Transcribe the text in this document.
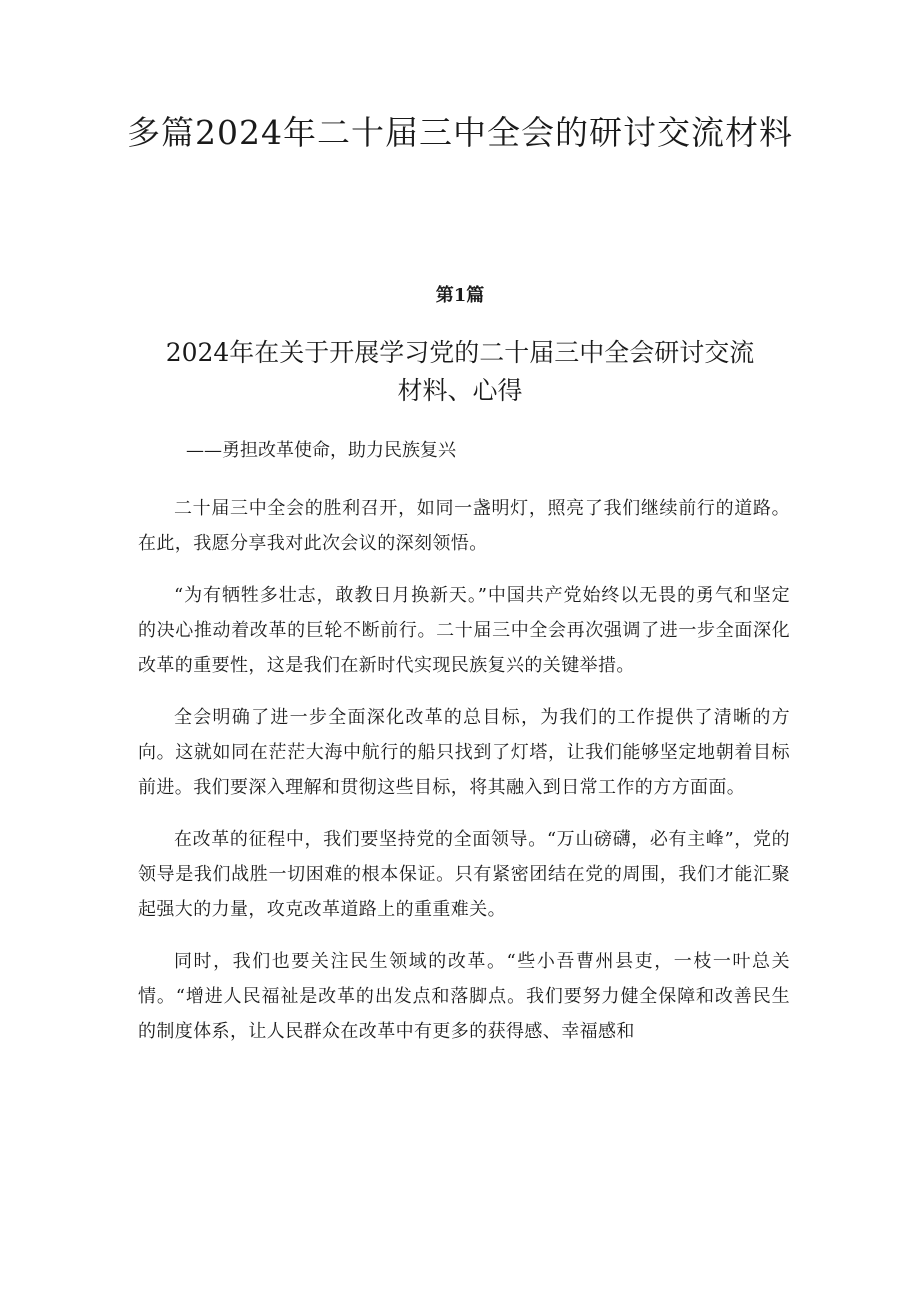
多篇2024年二十届三中全会的研讨交流材料
第1篇
2024年在关于开展学习党的二十届三中全会研讨交流材料、心得
——勇担改革使命，助力民族复兴

二十届三中全会的胜利召开，如同一盏明灯，照亮了我们继续前行的道路。在此，我愿分享我对此次会议的深刻领悟。

“为有牺牲多壮志，敢教日月换新天。”中国共产党始终以无畏的勇气和坚定的决心推动着改革的巨轮不断前行。二十届三中全会再次强调了进一步全面深化改革的重要性，这是我们在新时代实现民族复兴的关键举措。

全会明确了进一步全面深化改革的总目标，为我们的工作提供了清晰的方向。这就如同在茫茫大海中航行的船只找到了灯塔，让我们能够坚定地朝着目标前进。我们要深入理解和贯彻这些目标，将其融入到日常工作的方方面面。

在改革的征程中，我们要坚持党的全面领导。“万山磅礴，必有主峰”，党的领导是我们战胜一切困难的根本保证。只有紧密团结在党的周围，我们才能汇聚起强大的力量，攻克改革道路上的重重难关。

同时，我们也要关注民生领域的改革。“些小吾曹州县吏，一枝一叶总关情。“增进人民福祉是改革的出发点和落脚点。我们要努力健全保障和改善民生的制度体系，让人民群众在改革中有更多的获得感、幸福感和
